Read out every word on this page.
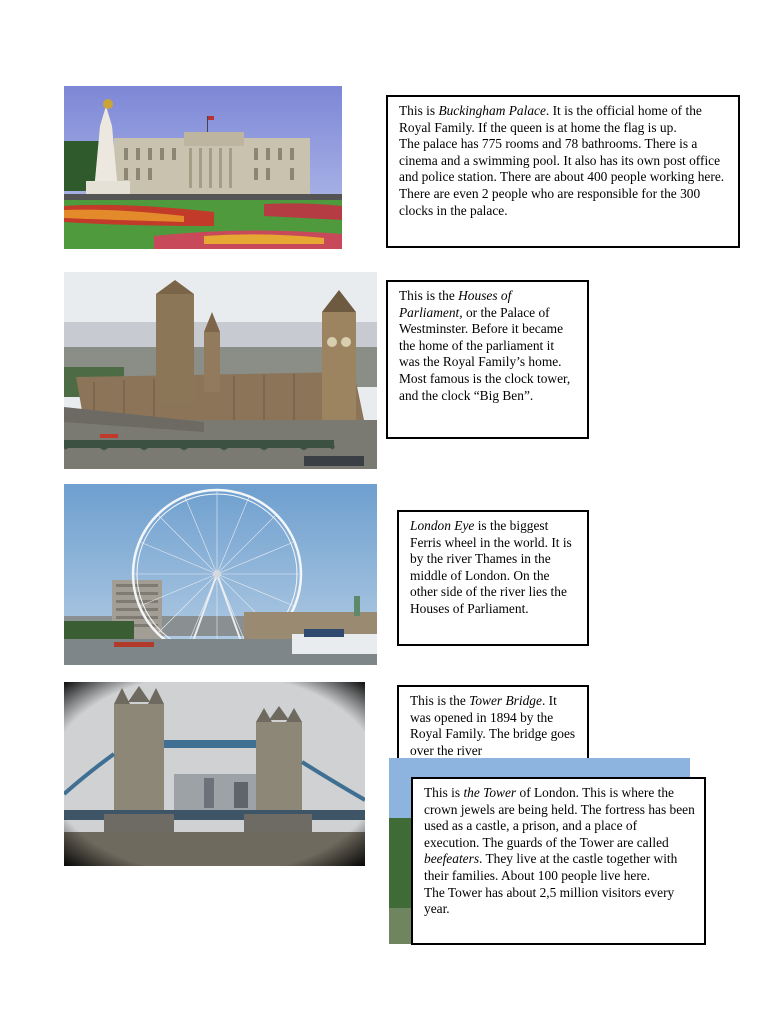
This is Buckingham Palace. It is the official home of the Royal Family. If the queen is at home the flag is up.

The palace has 775 rooms and 78 bathrooms. There is a cinema and a swimming pool. It also has its own post office and police station. There are about 400 people working here. There are even 2 people who are responsible for the 300 clocks in the palace.

This is the Houses of Parliament, or the Palace of Westminster. Before it became the home of the parliament it was the Royal Family’s home. Most famous is the clock tower, and the clock “Big Ben”.

London Eye is the biggest Ferris wheel in the world. It is by the river Thames in the middle of London. On the other side of the river lies the Houses of Parliament.

This is the Tower Bridge. It was opened in 1894 by the Royal Family. The bridge goes over the river

This is the Tower of London. This is where the crown jewels are being held. The fortress has been used as a castle, a prison, and a place of execution. The guards of the Tower are called beefeaters. They live at the castle together with their families. About 100 people live here.

The Tower has about 2,5 million visitors every year.
